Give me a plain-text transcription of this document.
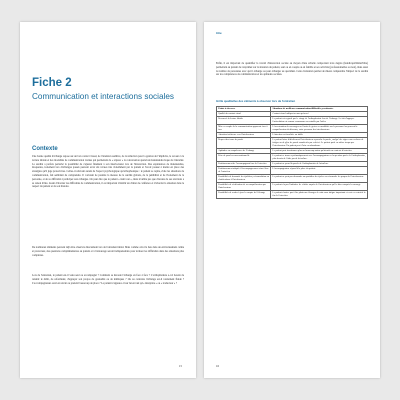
Fiche 2
Communication et interactions sociales
Contexte
Une bonne qualité d'échange repose sur un bon contact visuel, de l'attention auditive, de la réduction pour la gestion de l'implicite, le recours à la lecture labiale et des modalités de communication variées qui permettent de « réparer » la conversation quand un malentendu risque de s'installer. La surdité a parfois perturbé la possibilité de s'ajuster finement à son interlocuteur lors de l'interaction. Des expériences de malentendus, moqueries, isolement lors d'échanges passés peuvent avoir été vécues très violemment par le patient et l'avoir poussé à mettre en place des stratégies qu'il juge protectrices. Celles-ci relèvent autant de l'aspect psychologique qu'orthophonique : le patient se replie, évite les situations de communication, fait semblant de comprendre. Il convient de prendre la mesure de la surdité globale, de la pénibilité et de l'isolement de la personne, et de sa difficulté à participer aux échanges. On peut dire que le patient « tient tout », mais n'oublie pas que chacune de ses réactions a sa raison d'être. Avant d'aborder les difficultés de communication, il est important d'établir un climat de confiance et d'aborder la situation dans le respect du patient et de son histoire.
De nombreux éléments peuvent déjà être observés directement lors de l'entretien initial. Mais comme cela n'a lieu dans un environnement calme et protecteur, des questions complémentaires au patient et à l'entourage seront indispensables pour évaluer les difficultés dans des situations plus complexes.
Lors de l'entretien, le patient est-il venu seul ou accompagné ? Comment se déroule l'échange en face à face ? L'orthophoniste a-t-il besoin de ralentir le débit, de reformuler, d'appuyer son propos de gestualité ou de mimiques ? Ou au contraire l'échange est-il totalement fluide ? L'accompagnateur est-il en retrait ou prend-il beaucoup de place ? Le patient s'appuie-t-il sur lui en tant qu'« interprète » ou « traducteur » ?
15
titre
Enfin, il est important de quantifier la travail d'interaction sociale au moyen d'une échelle comportant trois degrés (handicapé/limité/libre) permettant au patient de s'exprimer sur la situation du patient, seul ou en couple ou en famille et ses activités (professionnelles ou non), mais aussi le nombre de personnes avec qui il échange ou peut échanger au quotidien. Cette évaluation permet de mieux comprendre l'impact de la surdité sur les compétences de communication et les aptitudes sociales.
Grille qualitative des éléments à observer lors de l'entretien
Points à observer	Situations de meilleure communication/difficultés persistantes
Qualité du contact visuel	Contact visuel adéquat ou non préservé
Recours à la lecture labiale	Le patient est regarde par le visage de l'orthophoniste lors de l'échange. Le fait d'appuyer l'articulation est comme consomme ou rentable par l'aider.
Mise en couple de la communication apparente face à face	L'accentuation des messages ou l'avoir de gestes en modalités sur le personnel ou peuvent la compréhension du discours, votre personne des interlocuteurs.
Attention intérieure vers l'interlocuteur	L'attention est focalisée ou faible
Respect des tours de parole	Le patient laisse difficilement l'interlocuteur reprendre la parole, malgré des signes non verbaux de fatigue ou de gêne de parole manifestés par celui-ci. Le patient parle en même temps que l'interlocuteur. Un patient peu à l'aise ou abandonne.
Aptitudes ou compétences de l'échange	Le patient peut fonctionner plus ou beaucoup moins qu'attendu en contexte d'entretien.
Prise de paroles conversationnelle	Le patient se trouve systématiquement vers l'accompagnateur en la question posée de l'orthophoniste, plus besoin de l'aide par de lui-même.
Positionnement de l'accompagnant lors de l'entretien	Le patient ne prend la parole de l'orthophoniste de lui-même.
Positionnement adapté à l'accompagnement visuel lors de l'entretien	L'accompagnateur répond à la place du patient.
Possibilités de demande de répétition, reformulation ou clarifications à l'interlocuteur	Le patient ne peut pas demander au quotidien de répéter ou reformuler les propos de l'interlocuteur.
Possibilités de vérification de sa compréhension par l'interlocuteur	Le patient n'a pas l'initiative de vérifier auprès de l'interlocuteur qu'il a bien compris le message.
Possibilités de rendre à jour le compte de l'échange	Le patient n'arrive pas à lire plusieurs échanges de suite sans fatigue importante et reste en retrait à la fin de l'entretien.
16
